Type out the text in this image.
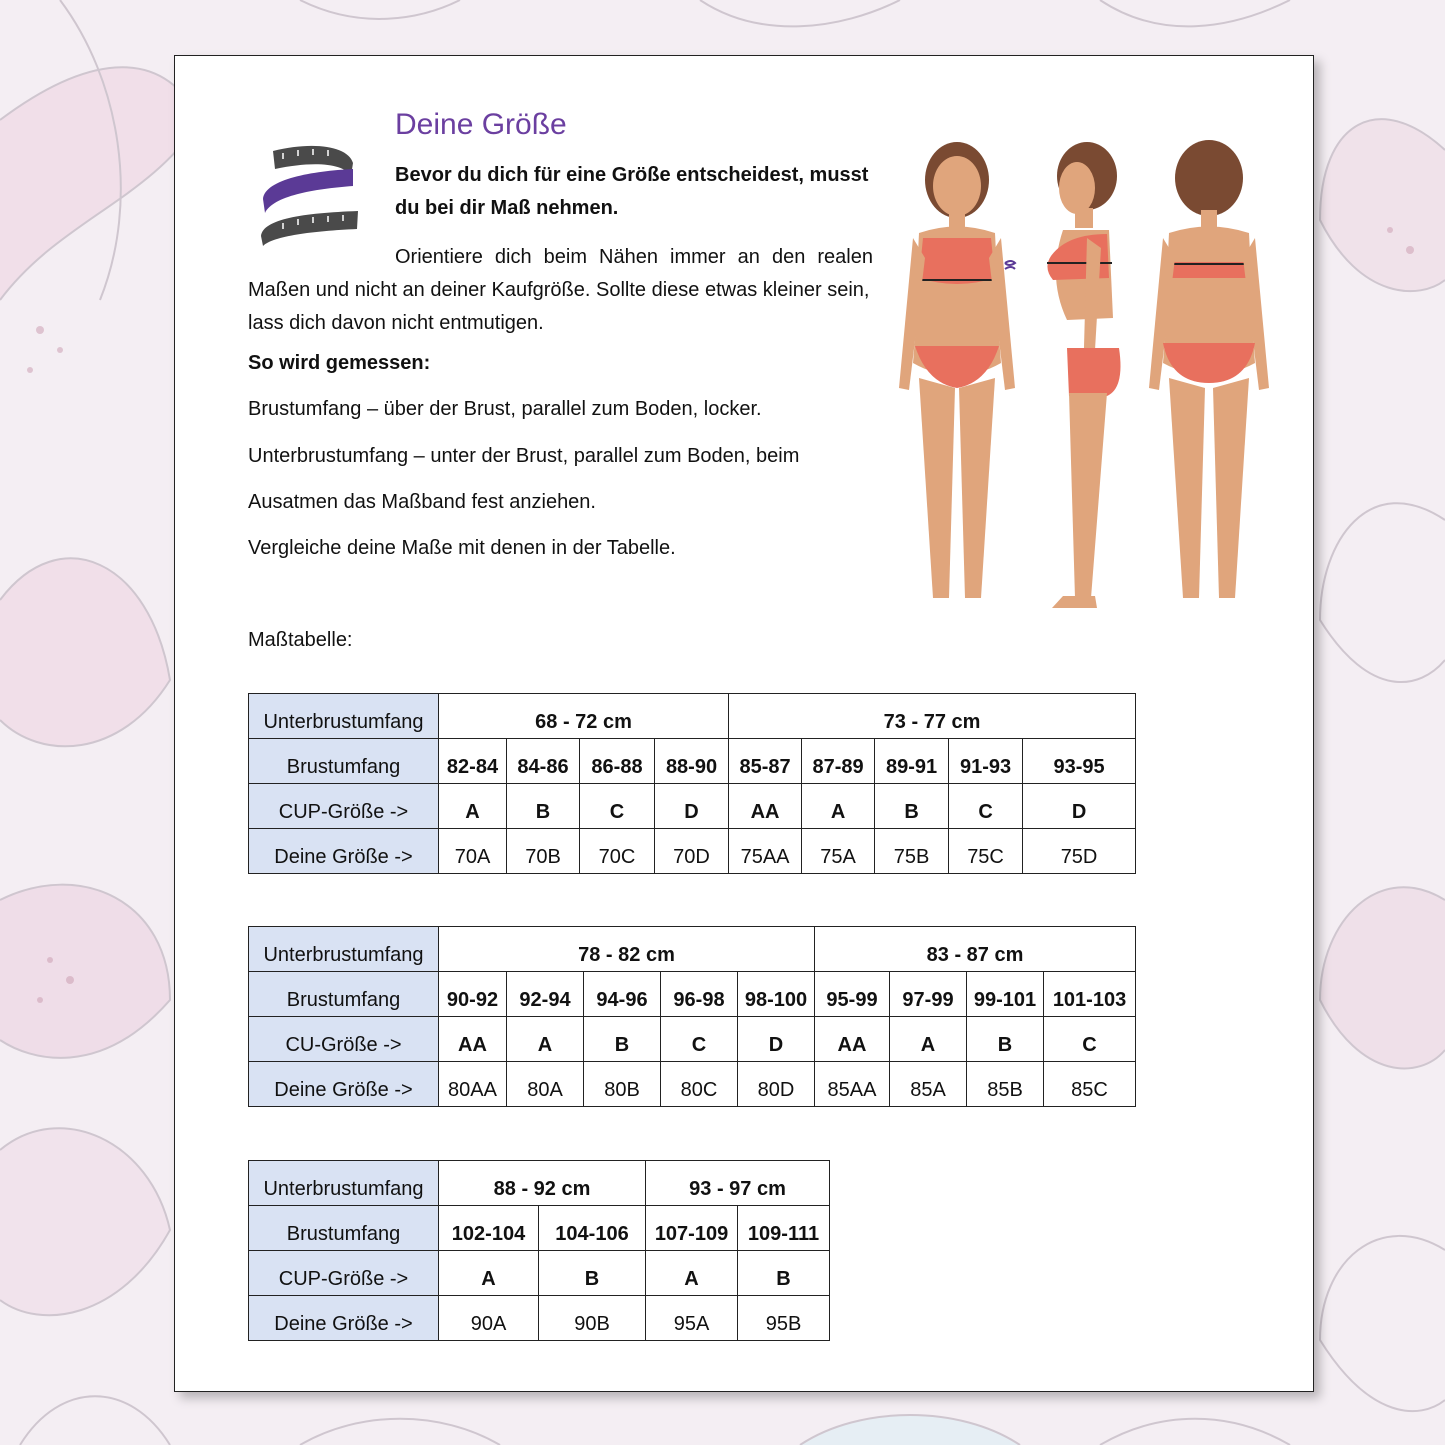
Deine Größe
Bevor du dich für eine Größe entscheidest, musst du bei dir Maß nehmen.
Orientiere dich beim Nähen immer an den realen
Maßen und nicht an deiner Kaufgröße. Sollte diese etwas kleiner sein, lass dich davon nicht entmutigen.
So wird gemessen:
Brustumfang – über der Brust, parallel zum Boden, locker.
Unterbrustumfang – unter der Brust, parallel zum Boden, beim
Ausatmen das Maßband fest anziehen.
Vergleiche deine Maße mit denen in der Tabelle.
Maßtabelle:
Unterbrustumfang	68 - 72 cm				73 - 77 cm				
Brustumfang	82-84	84-86	86-88	88-90	85-87	87-89	89-91	91-93	93-95
CUP-Größe ->	A	B	C	D	AA	A	B	C	D
Deine Größe ->	70A	70B	70C	70D	75AA	75A	75B	75C	75D
Unterbrustumfang	78 - 82 cm					83 - 87 cm			
Brustumfang	90-92	92-94	94-96	96-98	98-100	95-99	97-99	99-101	101-103
CU-Größe ->	AA	A	B	C	D	AA	A	B	C
Deine Größe ->	80AA	80A	80B	80C	80D	85AA	85A	85B	85C
Unterbrustumfang	88 - 92 cm		93 - 97 cm	
Brustumfang	102-104	104-106	107-109	109-111
CUP-Größe ->	A	B	A	B
Deine Größe ->	90A	90B	95A	95B
